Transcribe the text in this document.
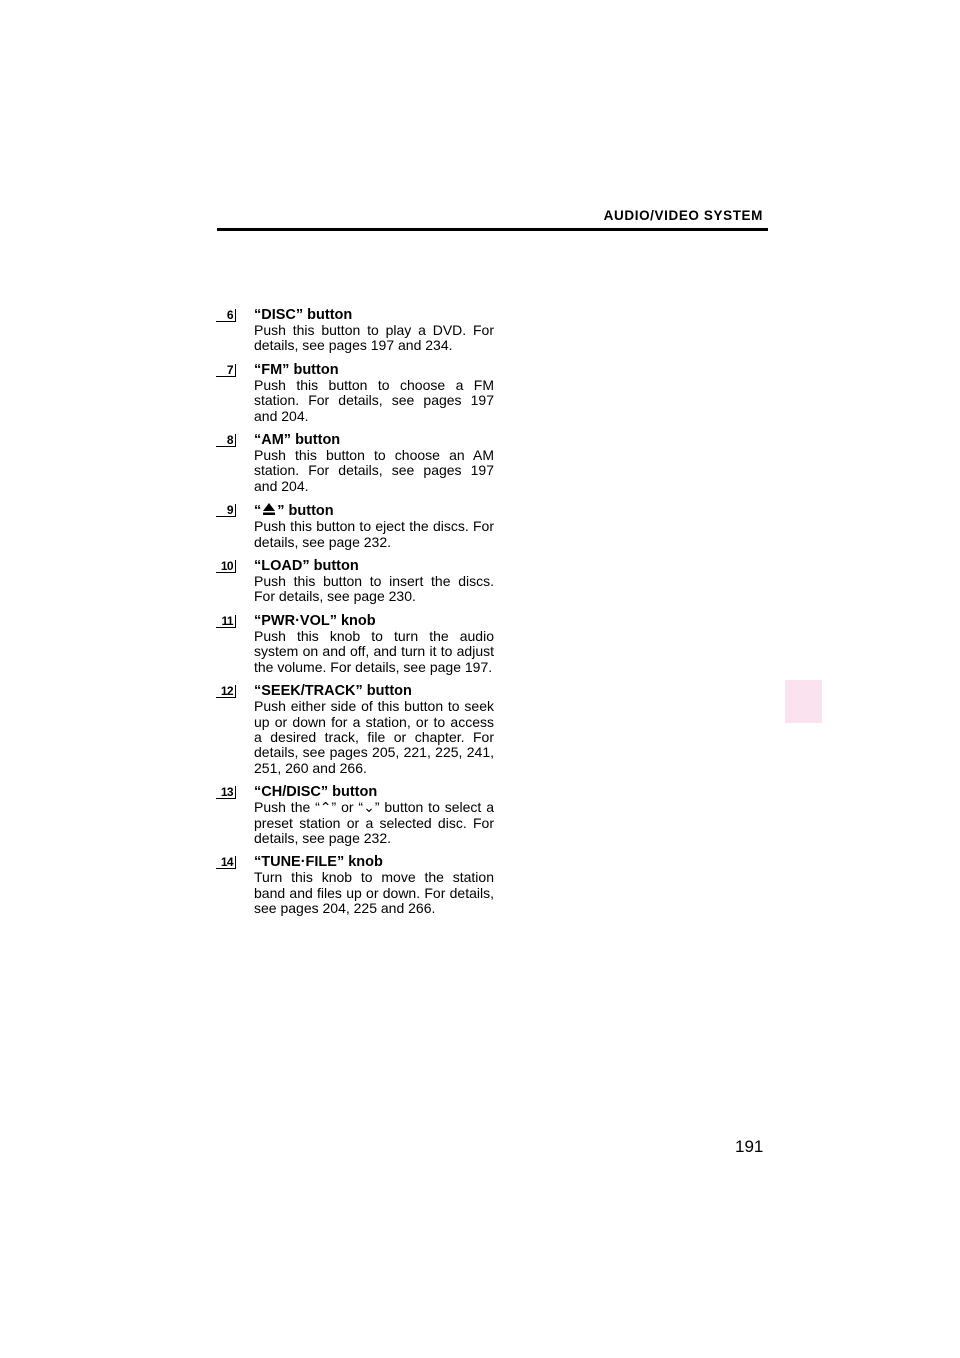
AUDIO/VIDEO SYSTEM
6 “DISC” button
Push this button to play a DVD. For details, see pages 197 and 234.
7 “FM” button
Push this button to choose a FM station. For details, see pages 197 and 204.
8 “AM” button
Push this button to choose an AM station. For details, see pages 197 and 204.
9 “ ” button
Push this button to eject the discs. For details, see page 232.
10 “LOAD” button
Push this button to insert the discs. For details, see page 230.
11 “PWR·VOL” knob
Push this knob to turn the audio system on and off, and turn it to adjust the volume. For details, see page 197.
12 “SEEK/TRACK” button
Push either side of this button to seek up or down for a station, or to access a desired track, file or chapter. For details, see pages 205, 221, 225, 241, 251, 260 and 266.
13 “CH/DISC” button
Push the “⌃” or “⌄” button to select a preset station or a selected disc. For details, see page 232.
14 “TUNE·FILE” knob
Turn this knob to move the station band and files up or down. For details, see pages 204, 225 and 266.
191
